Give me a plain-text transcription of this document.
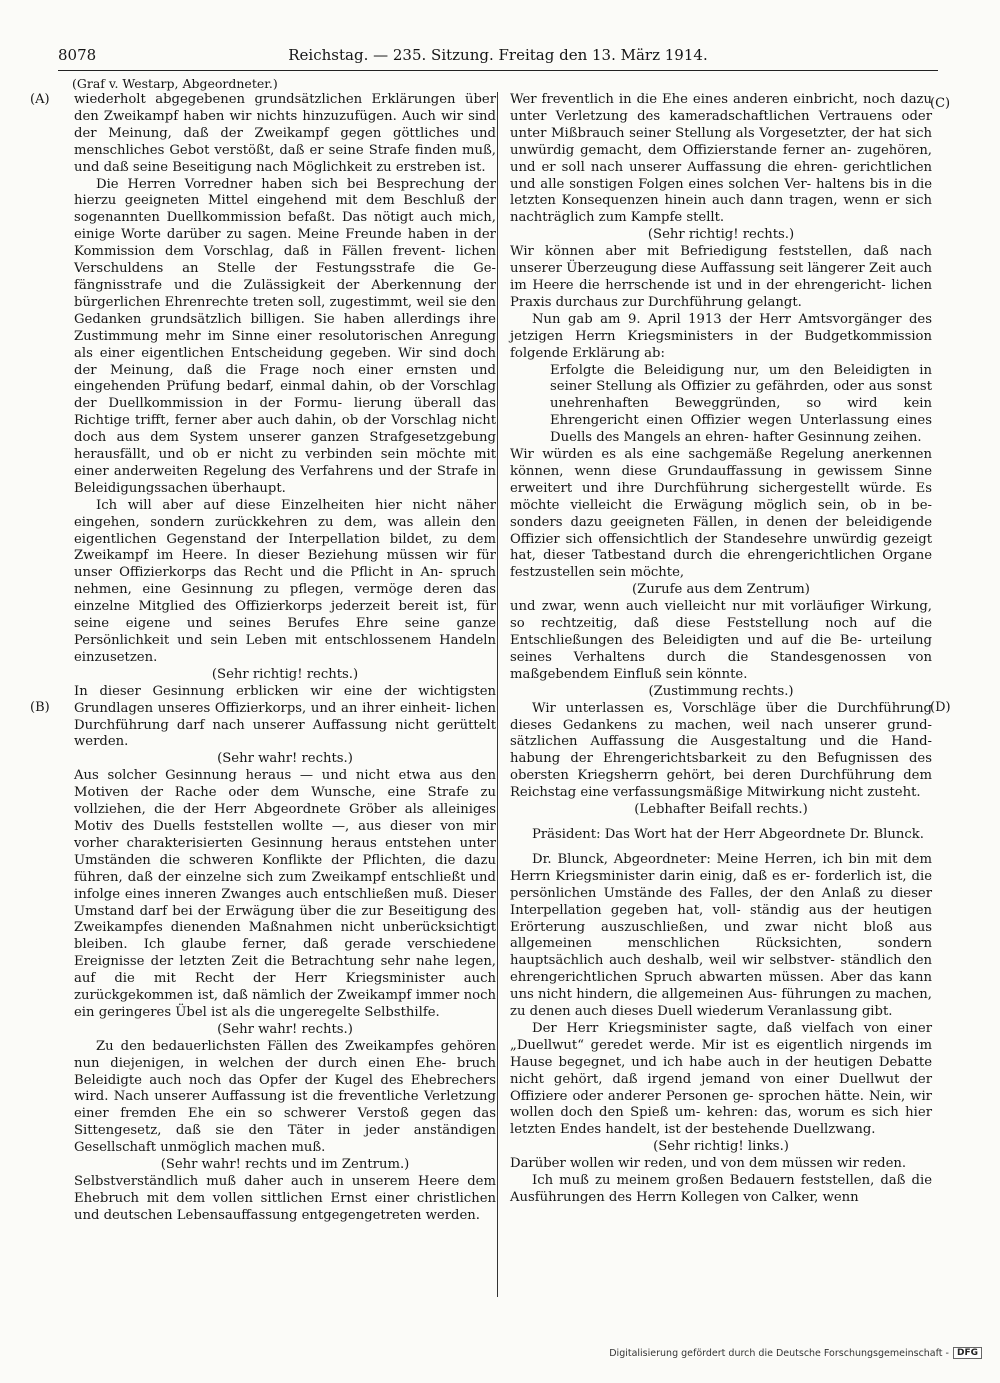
8078	Reichstag. — 235. Sitzung. Freitag den 13. März 1914.
(Graf v. Westarp, Abgeordneter.)
(A)
(B)
(C)
(D)

wiederholt abgegebenen grundsätzlichen Erklärungen über den Zweikampf haben wir nichts hinzuzufügen. Auch wir sind der Meinung, daß der Zweikampf gegen göttliches und menschliches Gebot verstößt, daß er seine Strafe finden muß, und daß seine Beseitigung nach Möglichkeit zu erstreben ist.

Die Herren Vorredner haben sich bei Besprechung der hierzu geeigneten Mittel eingehend mit dem Beschluß der sogenannten Duellkommission befaßt. Das nötigt auch mich, einige Worte darüber zu sagen. Meine Freunde haben in der Kommission dem Vorschlag, daß in Fällen frevent- lichen Verschuldens an Stelle der Festungsstrafe die Ge- fängnisstrafe und die Zulässigkeit der Aberkennung der bürgerlichen Ehrenrechte treten soll, zugestimmt, weil sie den Gedanken grundsätzlich billigen. Sie haben allerdings ihre Zustimmung mehr im Sinne einer resolutorischen Anregung als einer eigentlichen Entscheidung gegeben. Wir sind doch der Meinung, daß die Frage noch einer ernsten und eingehenden Prüfung bedarf, einmal dahin, ob der Vorschlag der Duellkommission in der Formu- lierung überall das Richtige trifft, ferner aber auch dahin, ob der Vorschlag nicht doch aus dem System unserer ganzen Strafgesetzgebung herausfällt, und ob er nicht zu verbinden sein möchte mit einer anderweiten Regelung des Verfahrens und der Strafe in Beleidigungssachen überhaupt.

Ich will aber auf diese Einzelheiten hier nicht näher eingehen, sondern zurückkehren zu dem, was allein den eigentlichen Gegenstand der Interpellation bildet, zu dem Zweikampf im Heere. In dieser Beziehung müssen wir für unser Offizierkorps das Recht und die Pflicht in An- spruch nehmen, eine Gesinnung zu pflegen, vermöge deren das einzelne Mitglied des Offizierkorps jederzeit bereit ist, für seine eigene und seines Berufes Ehre seine ganze Persönlichkeit und sein Leben mit entschlossenem Handeln einzusetzen.

(Sehr richtig! rechts.)

In dieser Gesinnung erblicken wir eine der wichtigsten Grundlagen unseres Offizierkorps, und an ihrer einheit- lichen Durchführung darf nach unserer Auffassung nicht gerüttelt werden.

(Sehr wahr! rechts.)

Aus solcher Gesinnung heraus — und nicht etwa aus den Motiven der Rache oder dem Wunsche, eine Strafe zu vollziehen, die der Herr Abgeordnete Gröber als alleiniges Motiv des Duells feststellen wollte —, aus dieser von mir vorher charakterisierten Gesinnung heraus entstehen unter Umständen die schweren Konflikte der Pflichten, die dazu führen, daß der einzelne sich zum Zweikampf entschließt und infolge eines inneren Zwanges auch entschließen muß. Dieser Umstand darf bei der Erwägung über die zur Beseitigung des Zweikampfes dienenden Maßnahmen nicht unberücksichtigt bleiben. Ich glaube ferner, daß gerade verschiedene Ereignisse der letzten Zeit die Betrachtung sehr nahe legen, auf die mit Recht der Herr Kriegsminister auch zurückgekommen ist, daß nämlich der Zweikampf immer noch ein geringeres Übel ist als die ungeregelte Selbsthilfe.

(Sehr wahr! rechts.)

Zu den bedauerlichsten Fällen des Zweikampfes gehören nun diejenigen, in welchen der durch einen Ehe- bruch Beleidigte auch noch das Opfer der Kugel des Ehebrechers wird. Nach unserer Auffassung ist die freventliche Verletzung einer fremden Ehe ein so schwerer Verstoß gegen das Sittengesetz, daß sie den Täter in jeder anständigen Gesellschaft unmöglich machen muß.

(Sehr wahr! rechts und im Zentrum.)

Selbstverständlich muß daher auch in unserem Heere dem Ehebruch mit dem vollen sittlichen Ernst einer christlichen und deutschen Lebensauffassung entgegengetreten werden.

Wer freventlich in die Ehe eines anderen einbricht, noch dazu unter Verletzung des kameradschaftlichen Vertrauens oder unter Mißbrauch seiner Stellung als Vorgesetzter, der hat sich unwürdig gemacht, dem Offizierstande ferner an- zugehören, und er soll nach unserer Auffassung die ehren- gerichtlichen und alle sonstigen Folgen eines solchen Ver- haltens bis in die letzten Konsequenzen hinein auch dann tragen, wenn er sich nachträglich zum Kampfe stellt.

(Sehr richtig! rechts.)

Wir können aber mit Befriedigung feststellen, daß nach unserer Überzeugung diese Auffassung seit längerer Zeit auch im Heere die herrschende ist und in der ehrengericht- lichen Praxis durchaus zur Durchführung gelangt.

Nun gab am 9. April 1913 der Herr Amtsvorgänger des jetzigen Herrn Kriegsministers in der Budgetkommission folgende Erklärung ab:

Erfolgte die Beleidigung nur, um den Beleidigten in seiner Stellung als Offizier zu gefährden, oder aus sonst unehrenhaften Beweggründen, so wird kein Ehrengericht einen Offizier wegen Unterlassung eines Duells des Mangels an ehren- hafter Gesinnung zeihen.

Wir würden es als eine sachgemäße Regelung anerkennen können, wenn diese Grundauffassung in gewissem Sinne erweitert und ihre Durchführung sichergestellt würde. Es möchte vielleicht die Erwägung möglich sein, ob in be- sonders dazu geeigneten Fällen, in denen der beleidigende Offizier sich offensichtlich der Standesehre unwürdig gezeigt hat, dieser Tatbestand durch die ehrengerichtlichen Organe festzustellen sein möchte,

(Zurufe aus dem Zentrum)

und zwar, wenn auch vielleicht nur mit vorläufiger Wirkung, so rechtzeitig, daß diese Feststellung noch auf die Entschließungen des Beleidigten und auf die Be- urteilung seines Verhaltens durch die Standesgenossen von maßgebendem Einfluß sein könnte.

(Zustimmung rechts.)

Wir unterlassen es, Vorschläge über die Durchführung dieses Gedankens zu machen, weil nach unserer grund- sätzlichen Auffassung die Ausgestaltung und die Hand- habung der Ehrengerichtsbarkeit zu den Befugnissen des obersten Kriegsherrn gehört, bei deren Durchführung dem Reichstag eine verfassungsmäßige Mitwirkung nicht zusteht.

(Lebhafter Beifall rechts.)

Präsident: Das Wort hat der Herr Abgeordnete Dr. Blunck.

Dr. Blunck, Abgeordneter: Meine Herren, ich bin mit dem Herrn Kriegsminister darin einig, daß es er- forderlich ist, die persönlichen Umstände des Falles, der den Anlaß zu dieser Interpellation gegeben hat, voll- ständig aus der heutigen Erörterung auszuschließen, und zwar nicht bloß aus allgemeinen menschlichen Rücksichten, sondern hauptsächlich auch deshalb, weil wir selbstver- ständlich den ehrengerichtlichen Spruch abwarten müssen. Aber das kann uns nicht hindern, die allgemeinen Aus- führungen zu machen, zu denen auch dieses Duell wiederum Veranlassung gibt.

Der Herr Kriegsminister sagte, daß vielfach von einer „Duellwut“ geredet werde. Mir ist es eigentlich nirgends im Hause begegnet, und ich habe auch in der heutigen Debatte nicht gehört, daß irgend jemand von einer Duellwut der Offiziere oder anderer Personen ge- sprochen hätte. Nein, wir wollen doch den Spieß um- kehren: das, worum es sich hier letzten Endes handelt, ist der bestehende Duellzwang.

(Sehr richtig! links.)

Darüber wollen wir reden, und von dem müssen wir reden.

Ich muß zu meinem großen Bedauern feststellen, daß die Ausführungen des Herrn Kollegen von Calker, wenn

Digitalisierung gefördert durch die Deutsche Forschungsgemeinschaft - DFG
